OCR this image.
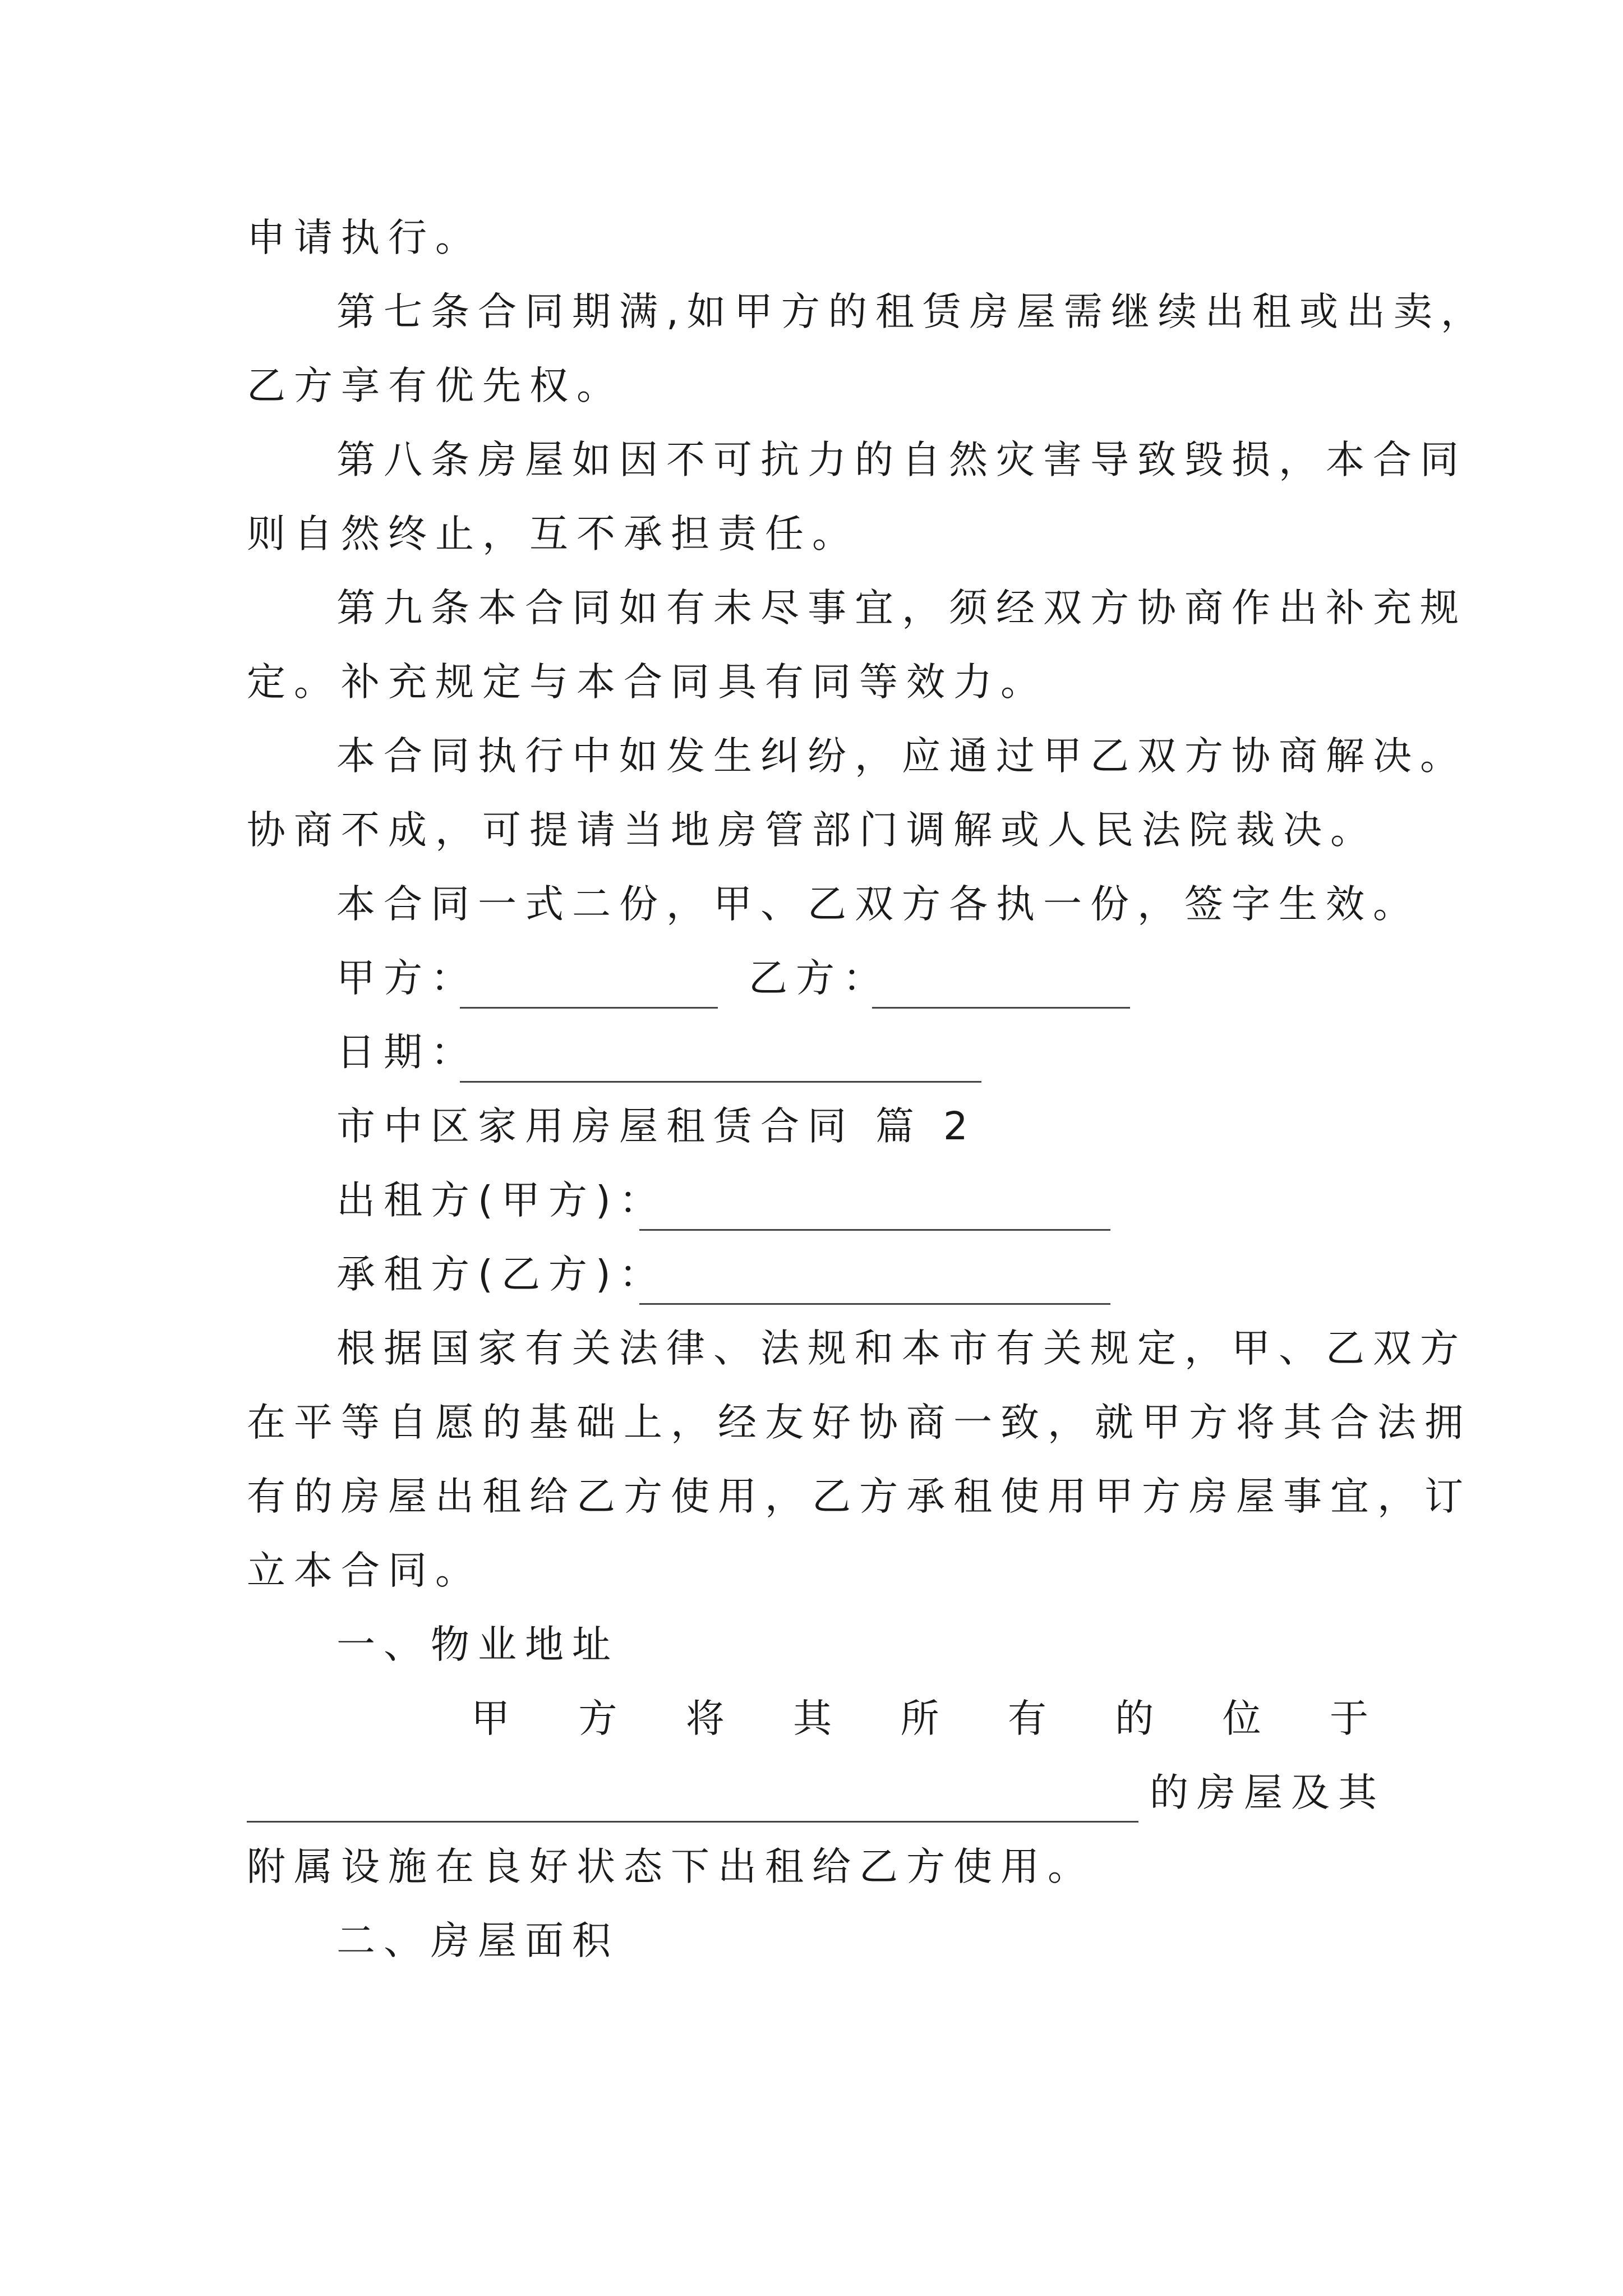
申请执行。
第七条合同期满,如甲方的租赁房屋需继续出租或出卖，
乙方享有优先权。
第八条房屋如因不可抗力的自然灾害导致毁损，本合同
则自然终止，互不承担责任。
第九条本合同如有未尽事宜，须经双方协商作出补充规
定。补充规定与本合同具有同等效力。
本合同执行中如发生纠纷，应通过甲乙双方协商解决。
协商不成，可提请当地房管部门调解或人民法院裁决。
本合同一式二份，甲、乙双方各执一份，签字生效。
甲方：	乙方：
日期：
市中区家用房屋租赁合同 篇 2
出租方(甲方)：
承租方(乙方)：
根据国家有关法律、法规和本市有关规定，甲、乙双方
在平等自愿的基础上，经友好协商一致，就甲方将其合法拥
有的房屋出租给乙方使用，乙方承租使用甲方房屋事宜，订
立本合同。
一、物业地址
甲 方 将 其 所 有 的 位 于
的房屋及其
附属设施在良好状态下出租给乙方使用。
二、房屋面积
